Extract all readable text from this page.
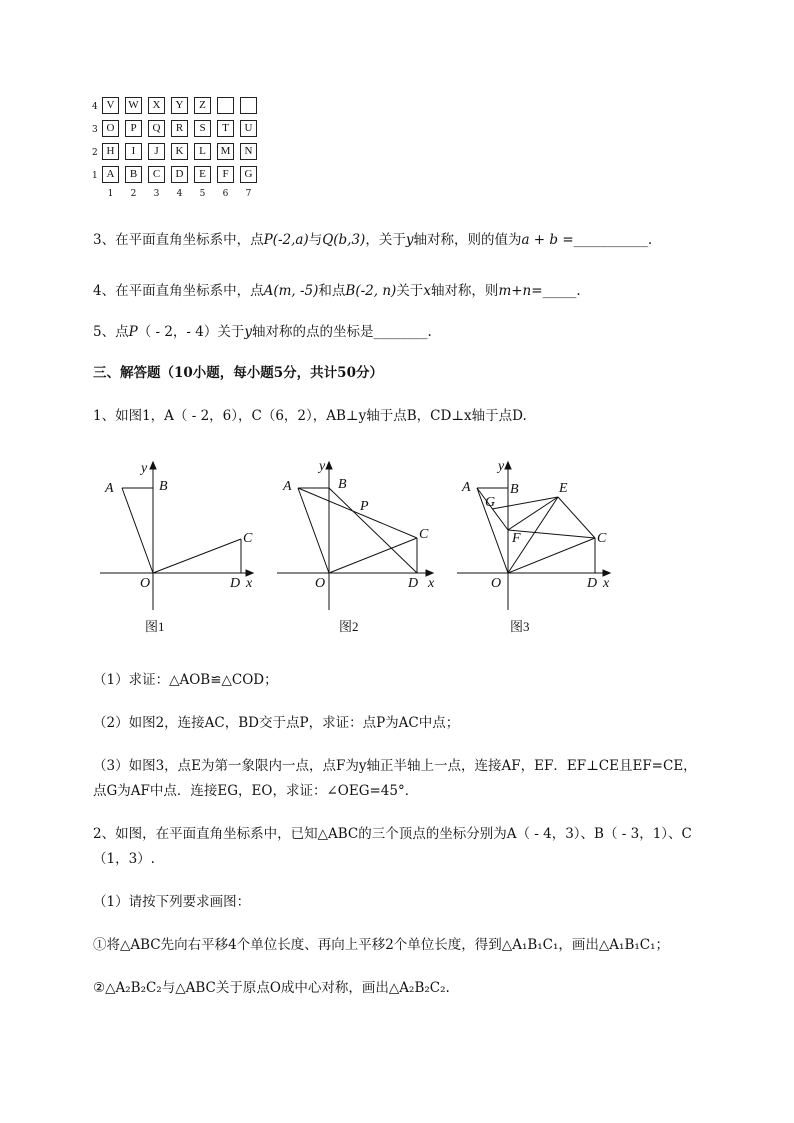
4 V	W	X	Y	Z
3 O	P	Q	R	S	T	U
2 H	I	J	K	L	M	N
1 A	B	C	D	E	F	G
1	2	3	4	5	6	7
3、在平面直角坐标系中，点P(-2,a)与Q(b,3)，关于y轴对称，则的值为a + b =___________.
4、在平面直角坐标系中，点A(m, -5)和点B(-2, n)关于x轴对称，则m+n=_____.
5、点P（ - 2，- 4）关于y轴对称的点的坐标是________.
三、解答题（10小题，每小题5分，共计50分）
1、如图1，A（ - 2，6），C（6，2），AB⊥y轴于点B，CD⊥x轴于点D.
A	B
C
D
O	x
y
A	B
P
C
D
O	x
y
A	B
G
E
F	C
D
O	x
y
图1	图2	图3
（1）求证：△AOB≌△COD；
（2）如图2，连接AC，BD交于点P，求证：点P为AC中点；
（3）如图3，点E为第一象限内一点，点F为y轴正半轴上一点，连接AF，EF．EF⊥CE且EF=CE，
点G为AF中点．连接EG，EO，求证：∠OEG=45°．
2、如图，在平面直角坐标系中，已知△ABC的三个顶点的坐标分别为A（ - 4，3）、B（ - 3，1）、C
（1，3）.
（1）请按下列要求画图：
①将△ABC先向右平移4个单位长度、再向上平移2个单位长度，得到△A₁B₁C₁，画出△A₁B₁C₁；
②△A₂B₂C₂与△ABC关于原点O成中心对称，画出△A₂B₂C₂.
